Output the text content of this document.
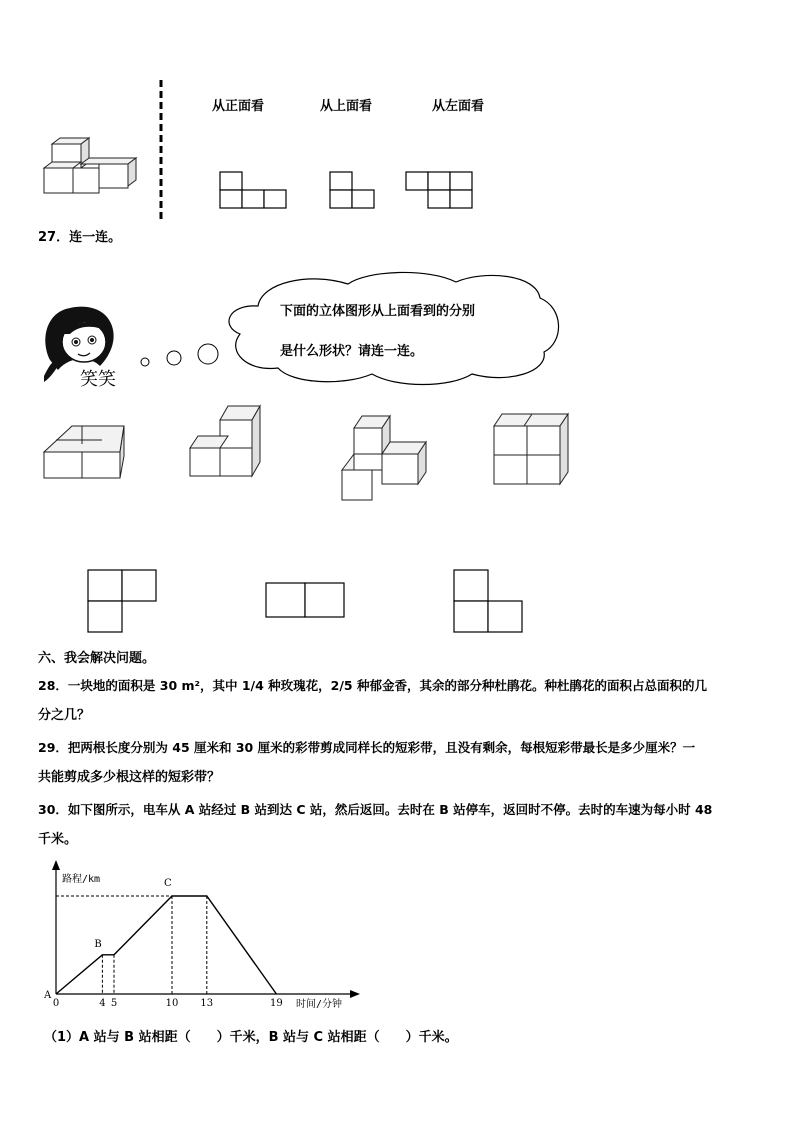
从正面看	从上面看	从左面看
27．连一连。
笑笑
下面的立体图形从上面看到的分别
是什么形状？请连一连。
六、我会解决问题。
28．一块地的面积是 30 m²，其中 1/4 种玫瑰花，2/5 种郁金香，其余的部分种杜鹃花。种杜鹃花的面积占总面积的几
分之几？
29．把两根长度分别为 45 厘米和 30 厘米的彩带剪成同样长的短彩带，且没有剩余，每根短彩带最长是多少厘米？一
共能剪成多少根这样的短彩带？
30．如下图所示，电车从 A 站经过 B 站到达 C 站，然后返回。去时在 B 站停车，返回时不停。去时的车速为每小时 48
千米。
路程/km
时间/分钟
0	4 5	10 13	19
A
B
C
（1）A 站与 B 站相距（　　）千米，B 站与 C 站相距（　　）千米。
